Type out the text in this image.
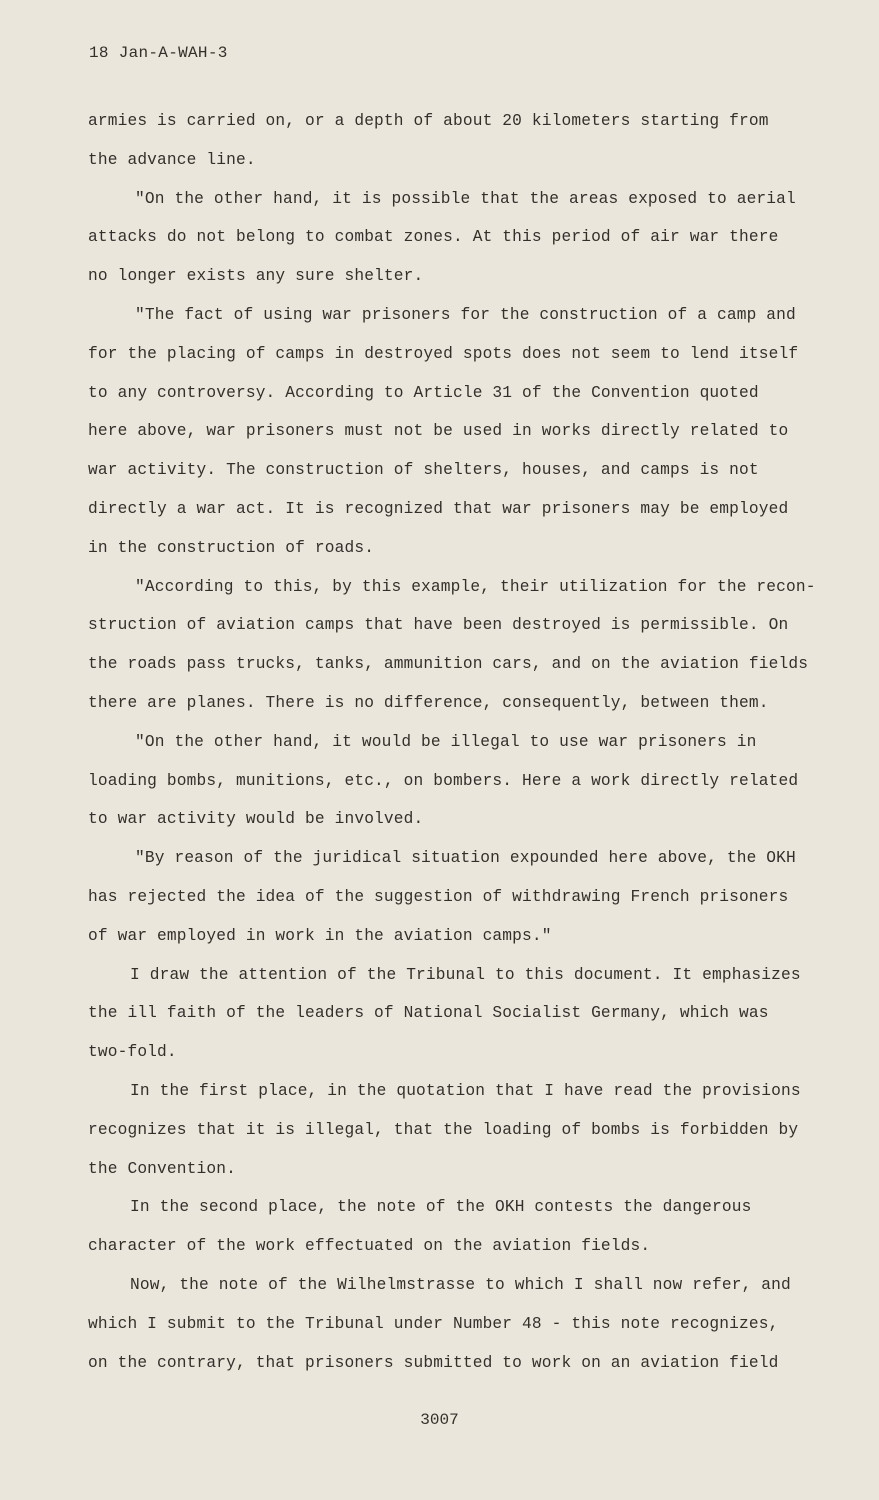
18 Jan-A-WAH-3
armies is carried on, or a depth of about 20 kilometers starting from
the advance line.
"On the other hand, it is possible that the areas exposed to aerial
attacks do not belong to combat zones. At this period of air war there
no longer exists any sure shelter.
"The fact of using war prisoners for the construction of a camp and
for the placing of camps in destroyed spots does not seem to lend itself
to any controversy. According to Article 31 of the Convention quoted
here above, war prisoners must not be used in works directly related to
war activity. The construction of shelters, houses, and camps is not
directly a war act. It is recognized that war prisoners may be employed
in the construction of roads.
"According to this, by this example, their utilization for the recon-
struction of aviation camps that have been destroyed is permissible. On
the roads pass trucks, tanks, ammunition cars, and on the aviation fields
there are planes. There is no difference, consequently, between them.
"On the other hand, it would be illegal to use war prisoners in
loading bombs, munitions, etc., on bombers. Here a work directly related
to war activity would be involved.
"By reason of the juridical situation expounded here above, the OKH
has rejected the idea of the suggestion of withdrawing French prisoners
of war employed in work in the aviation camps."
I draw the attention of the Tribunal to this document. It emphasizes
the ill faith of the leaders of National Socialist Germany, which was
two-fold.
In the first place, in the quotation that I have read the provisions
recognizes that it is illegal, that the loading of bombs is forbidden by
the Convention.
In the second place, the note of the OKH contests the dangerous
character of the work effectuated on the aviation fields.
Now, the note of the Wilhelmstrasse to which I shall now refer, and
which I submit to the Tribunal under Number 48 - this note recognizes,
on the contrary, that prisoners submitted to work on an aviation field
3007
